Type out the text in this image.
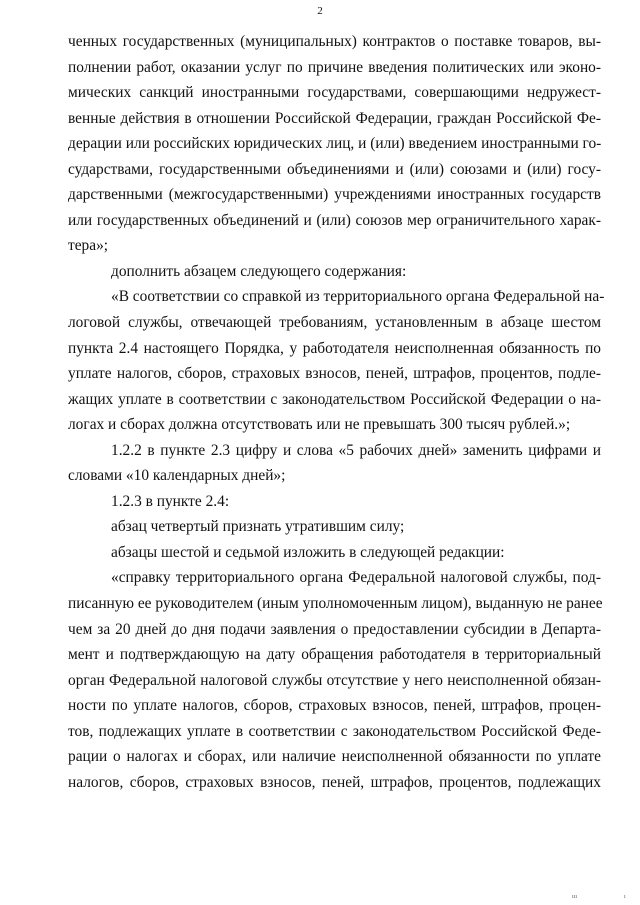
2

ченных государственных (муниципальных) контрактов о поставке товаров, вы-
полнении работ, оказании услуг по причине введения политических или эконо-
мических санкций иностранными государствами, совершающими недружест-
венные действия в отношении Российской Федерации, граждан Российской Фе-
дерации или российских юридических лиц, и (или) введением иностранными го-
сударствами, государственными объединениями и (или) союзами и (или) госу-
дарственными (межгосударственными) учреждениями иностранных государств
или государственных объединений и (или) союзов мер ограничительного харак-
тера»;

дополнить абзацем следующего содержания:

«В соответствии со справкой из территориального органа Федеральной на-
логовой службы, отвечающей требованиям, установленным в абзаце шестом
пункта 2.4 настоящего Порядка, у работодателя неисполненная обязанность по
уплате налогов, сборов, страховых взносов, пеней, штрафов, процентов, подле-
жащих уплате в соответствии с законодательством Российской Федерации о на-
логах и сборах должна отсутствовать или не превышать 300 тысяч рублей.»;

1.2.2 в пункте 2.3 цифру и слова «5 рабочих дней» заменить цифрами и
словами «10 календарных дней»;

1.2.3 в пункте 2.4:

абзац четвертый признать утратившим силу;

абзацы шестой и седьмой изложить в следующей редакции:

«справку территориального органа Федеральной налоговой службы, под-
писанную ее руководителем (иным уполномоченным лицом), выданную не ранее
чем за 20 дней до дня подачи заявления о предоставлении субсидии в Департа-
мент и подтверждающую на дату обращения работодателя в территориальный
орган Федеральной налоговой службы отсутствие у него неисполненной обязан-
ности по уплате налогов, сборов, страховых взносов, пеней, штрафов, процен-
тов, подлежащих уплате в соответствии с законодательством Российской Феде-
рации о налогах и сборах, или наличие неисполненной обязанности по уплате
налогов, сборов, страховых взносов, пеней, штрафов, процентов, подлежащих

ııı	ı
